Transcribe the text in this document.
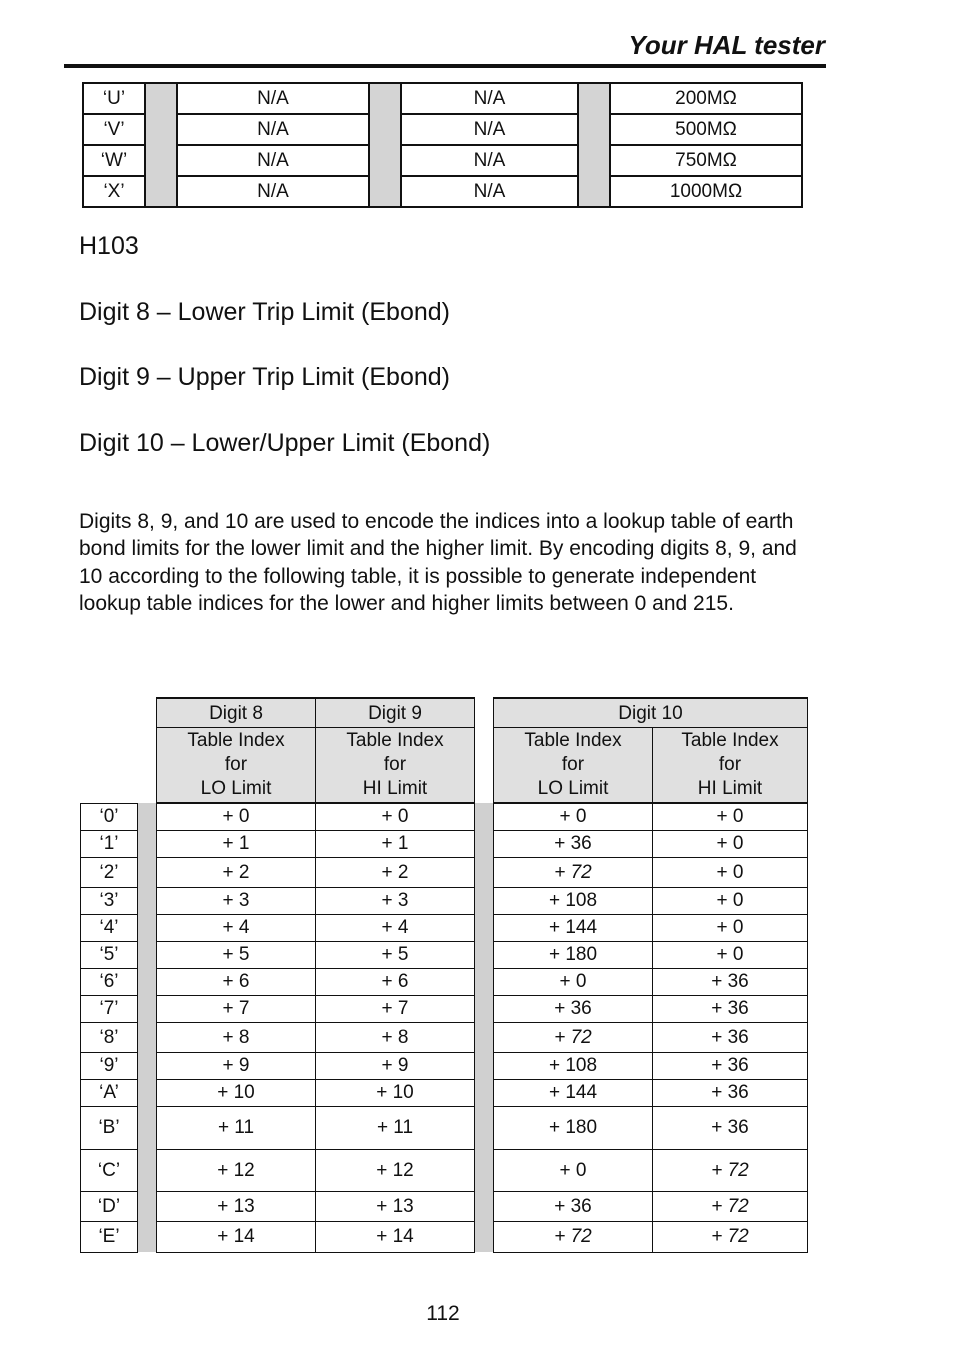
Your HAL tester
‘U’		N/A		N/A		200MΩ
‘V’		N/A		N/A		500MΩ
‘W’		N/A		N/A		750MΩ
‘X’		N/A		N/A		1000MΩ
H103
Digit 8 – Lower Trip Limit (Ebond)
Digit 9 – Upper Trip Limit (Ebond)
Digit 10 – Lower/Upper Limit (Ebond)
Digits 8, 9, and 10 are used to encode the indices into a lookup table of earth bond limits for the lower limit and the higher limit. By encoding digits 8, 9, and 10 according to the following table, it is possible to generate independent lookup table indices for the lower and higher limits between 0 and 215.
		Digit 8	Digit 9		Digit 10	

		Table Index
for
LO Limit	Table Index
for
HI Limit		Table Index
for
LO Limit	Table Index
for
HI Limit

‘0’		+ 0	+ 0		+ 0	+ 0
‘1’		+ 1	+ 1		+ 36	+ 0
‘2’		+ 2	+ 2		+ 72	+ 0
‘3’		+ 3	+ 3		+ 108	+ 0
‘4’		+ 4	+ 4		+ 144	+ 0
‘5’		+ 5	+ 5		+ 180	+ 0
‘6’		+ 6	+ 6		+ 0	+ 36
‘7’		+ 7	+ 7		+ 36	+ 36
‘8’		+ 8	+ 8		+ 72	+ 36
‘9’		+ 9	+ 9		+ 108	+ 36
‘A’		+ 10	+ 10		+ 144	+ 36
‘B’		+ 11	+ 11		+ 180	+ 36
‘C’		+ 12	+ 12		+ 0	+ 72
‘D’		+ 13	+ 13		+ 36	+ 72
‘E’		+ 14	+ 14		+ 72	+ 72
112
